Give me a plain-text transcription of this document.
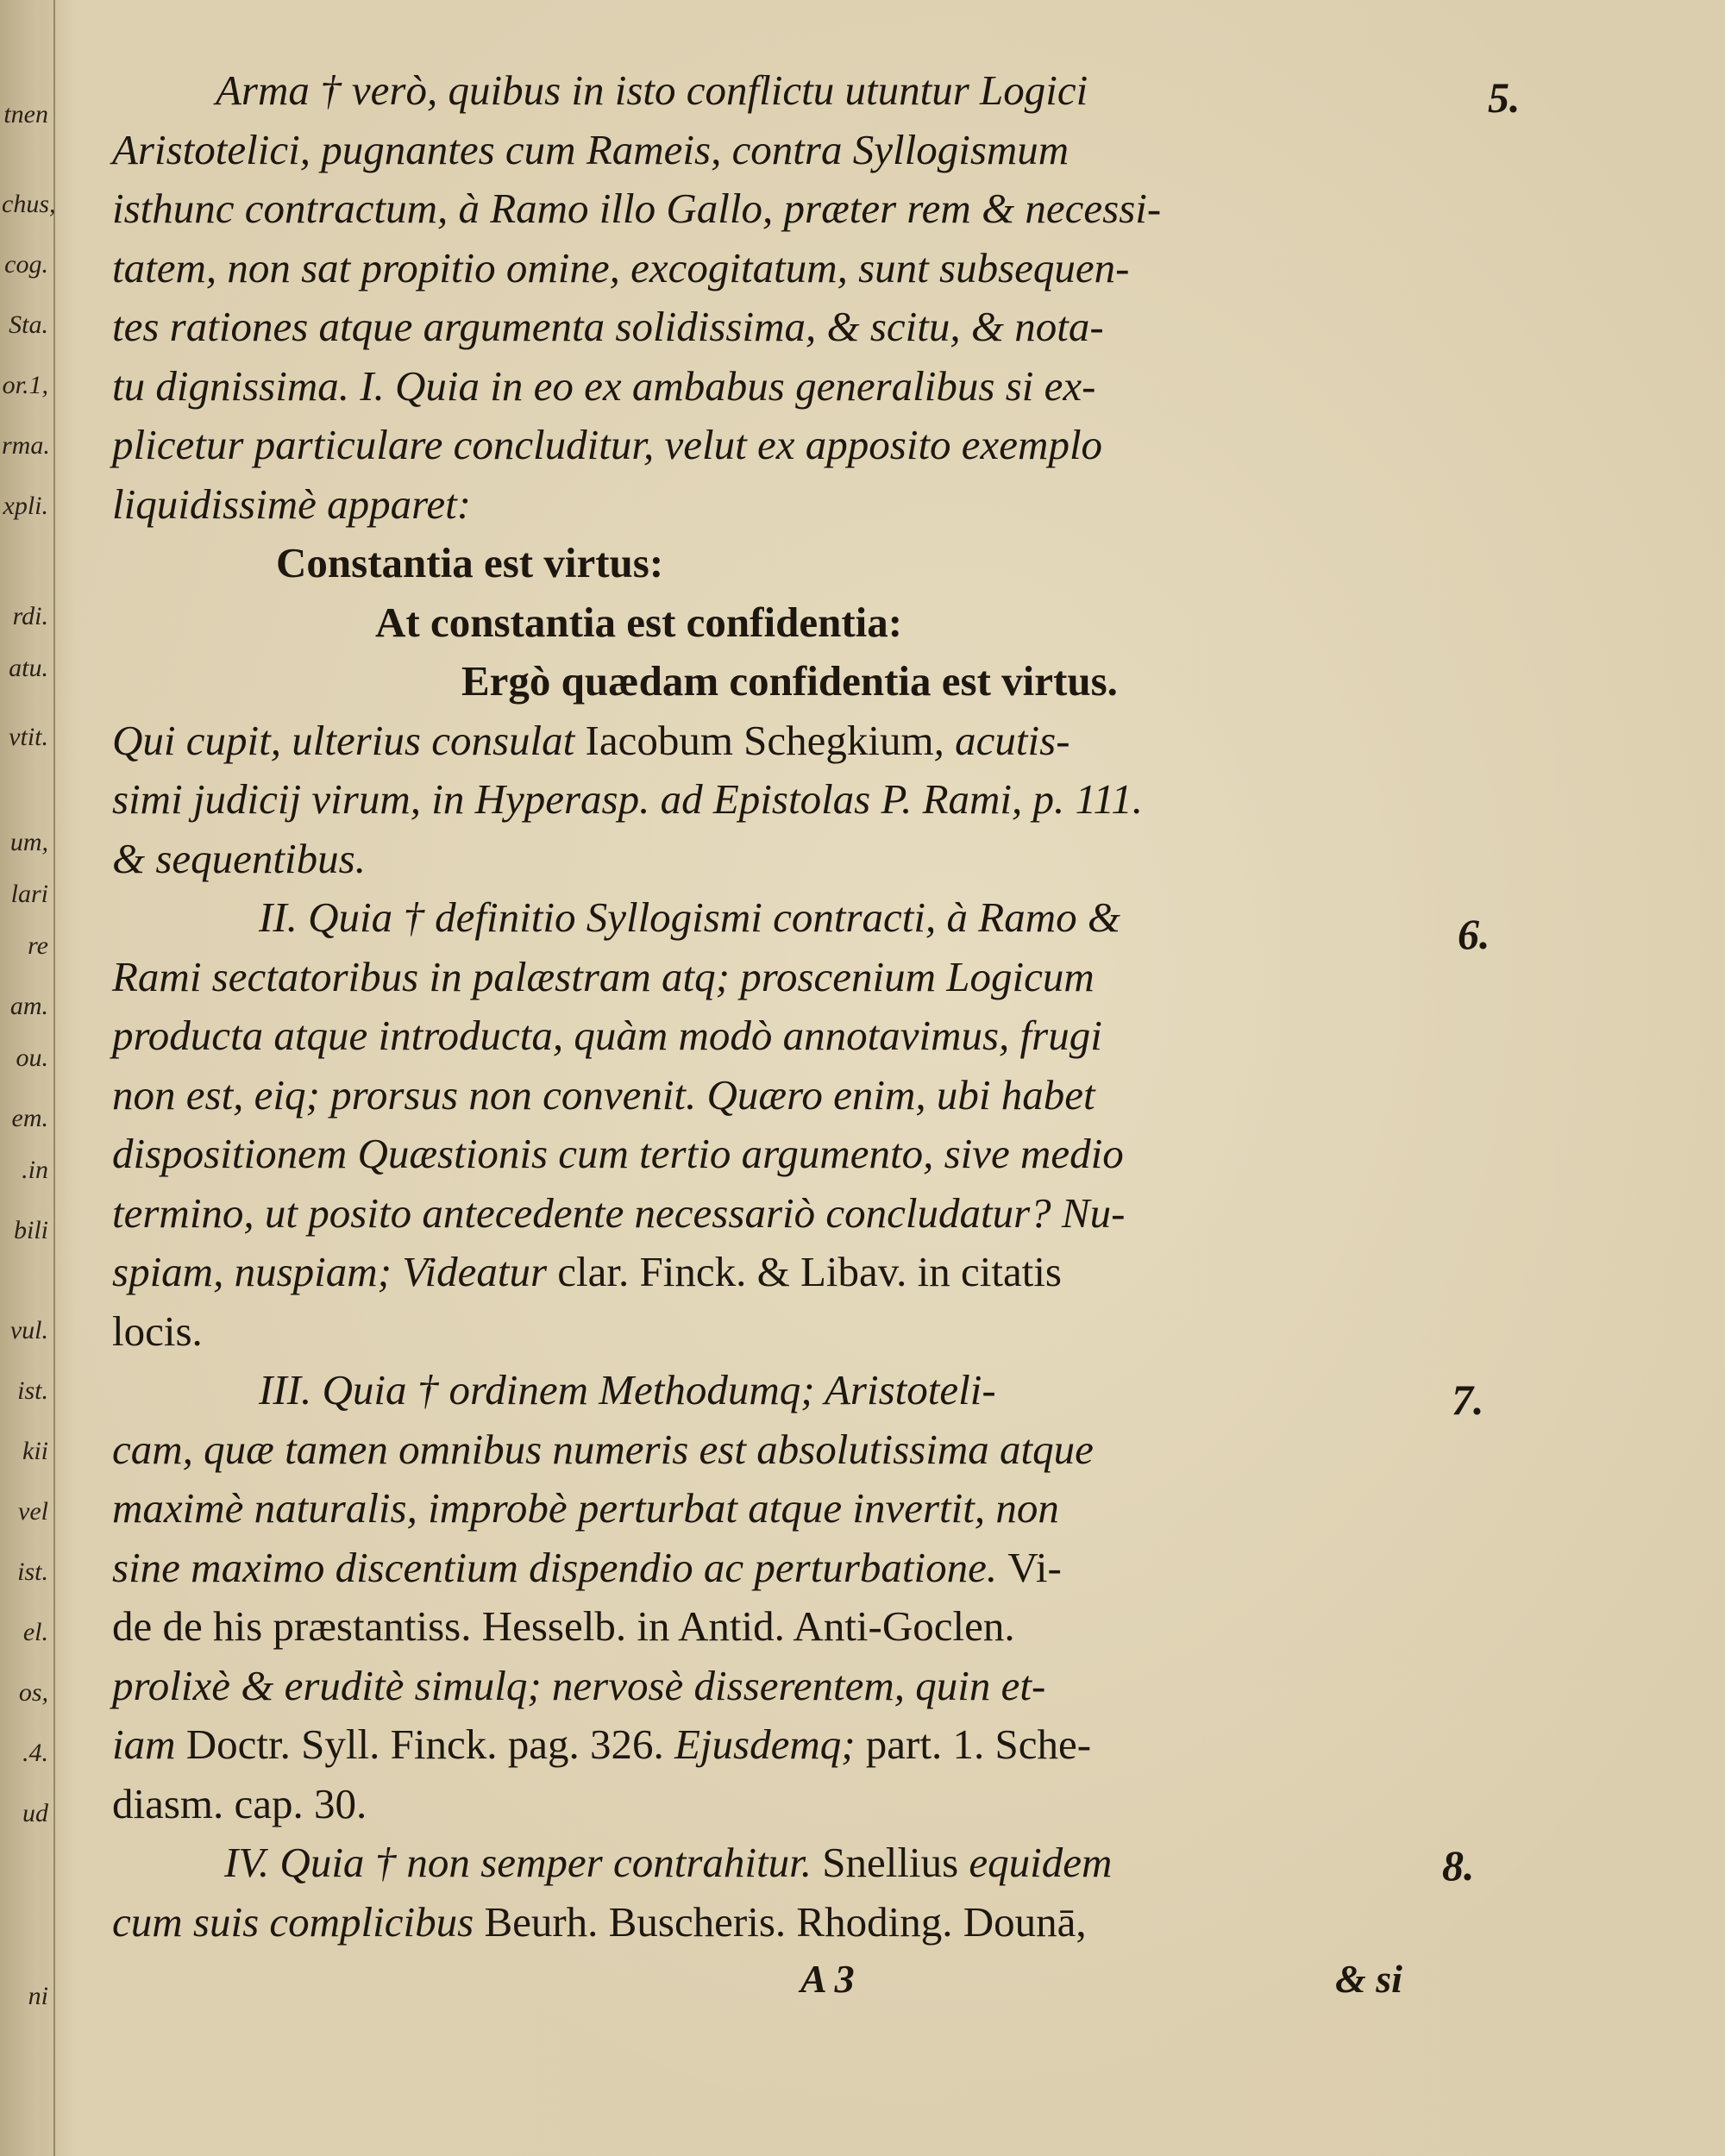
tnen
chus,
cog.
Sta.
or.1,
rma.
xpli.
rdi.
atu.
vtit.
um,
lari
re
am.
ou.
em.
.in
bili
vul.
ist.
kii
vel
ist.
el.
os,
.4.
ud
ni
Arma † verò, quibus in isto conflictu utuntur Logici
Aristotelici, pugnantes cum Rameis, contra Syllogismum
isthunc contractum, à Ramo illo Gallo, præter rem & necessi-
tatem, non sat propitio omine, excogitatum, sunt subsequen-
tes rationes atque argumenta solidissima, & scitu, & nota-
tu dignissima. I. Quia in eo ex ambabus generalibus si ex-
plicetur particulare concluditur, velut ex apposito exemplo
liquidissimè apparet:
Constantia est virtus:
At constantia est confidentia:
Ergò quædam confidentia est virtus.
Qui cupit, ulterius consulat Iacobum Schegkium, acutis-
simi judicij virum, in Hyperasp. ad Epistolas P. Rami, p. 111.
& sequentibus.
II. Quia † definitio Syllogismi contracti, à Ramo &
Rami sectatoribus in palæstram atq; proscenium Logicum
producta atque introducta, quàm modò annotavimus, frugi
non est, eiq; prorsus non convenit. Quæro enim, ubi habet
dispositionem Quæstionis cum tertio argumento, sive medio
termino, ut posito antecedente necessariò concludatur? Nu-
spiam, nuspiam; Videatur clar. Finck. & Libav. in citatis
locis.
III. Quia † ordinem Methodumq; Aristoteli-
cam, quæ tamen omnibus numeris est absolutissima atque
maximè naturalis, improbè perturbat atque invertit, non
sine maximo discentium dispendio ac perturbatione. Vi-
de de his præstantiss. Hesselb. in Antid. Anti-Goclen.
prolixè & eruditè simulq; nervosè disserentem, quin et-
iam Doctr. Syll. Finck. pag. 326. Ejusdemq; part. 1. Sche-
diasm. cap. 30.
IV. Quia † non semper contrahitur. Snellius equidem
cum suis complicibus Beurh. Buscheris. Rhoding. Dounā,
5.
6.
7.
8.
A 3	& si
